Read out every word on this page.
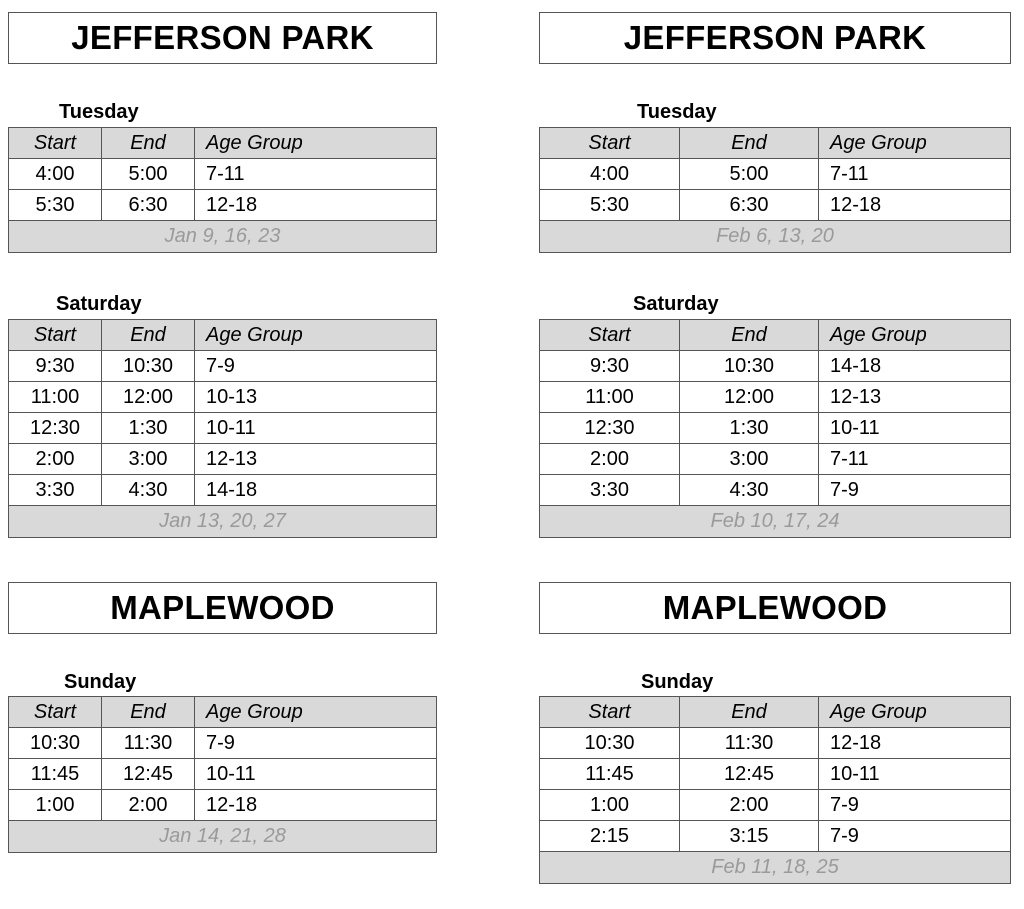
JEFFERSON PARK
Tuesday
Start	End	Age Group
4:00	5:00	7-11
5:30	6:30	12-18
Jan 9, 16, 23		
Saturday
Start	End	Age Group
9:30	10:30	7-9
11:00	12:00	10-13
12:30	1:30	10-11
2:00	3:00	12-13
3:30	4:30	14-18
Jan 13, 20, 27		
MAPLEWOOD
Sunday
Start	End	Age Group
10:30	11:30	7-9
11:45	12:45	10-11
1:00	2:00	12-18
Jan 14, 21, 28		
JEFFERSON PARK
Tuesday
Start	End	Age Group
4:00	5:00	7-11
5:30	6:30	12-18
Feb 6, 13, 20		
Saturday
Start	End	Age Group
9:30	10:30	14-18
11:00	12:00	12-13
12:30	1:30	10-11
2:00	3:00	7-11
3:30	4:30	7-9
Feb 10, 17, 24		
MAPLEWOOD
Sunday
Start	End	Age Group
10:30	11:30	12-18
11:45	12:45	10-11
1:00	2:00	7-9
2:15	3:15	7-9
Feb 11, 18, 25		
